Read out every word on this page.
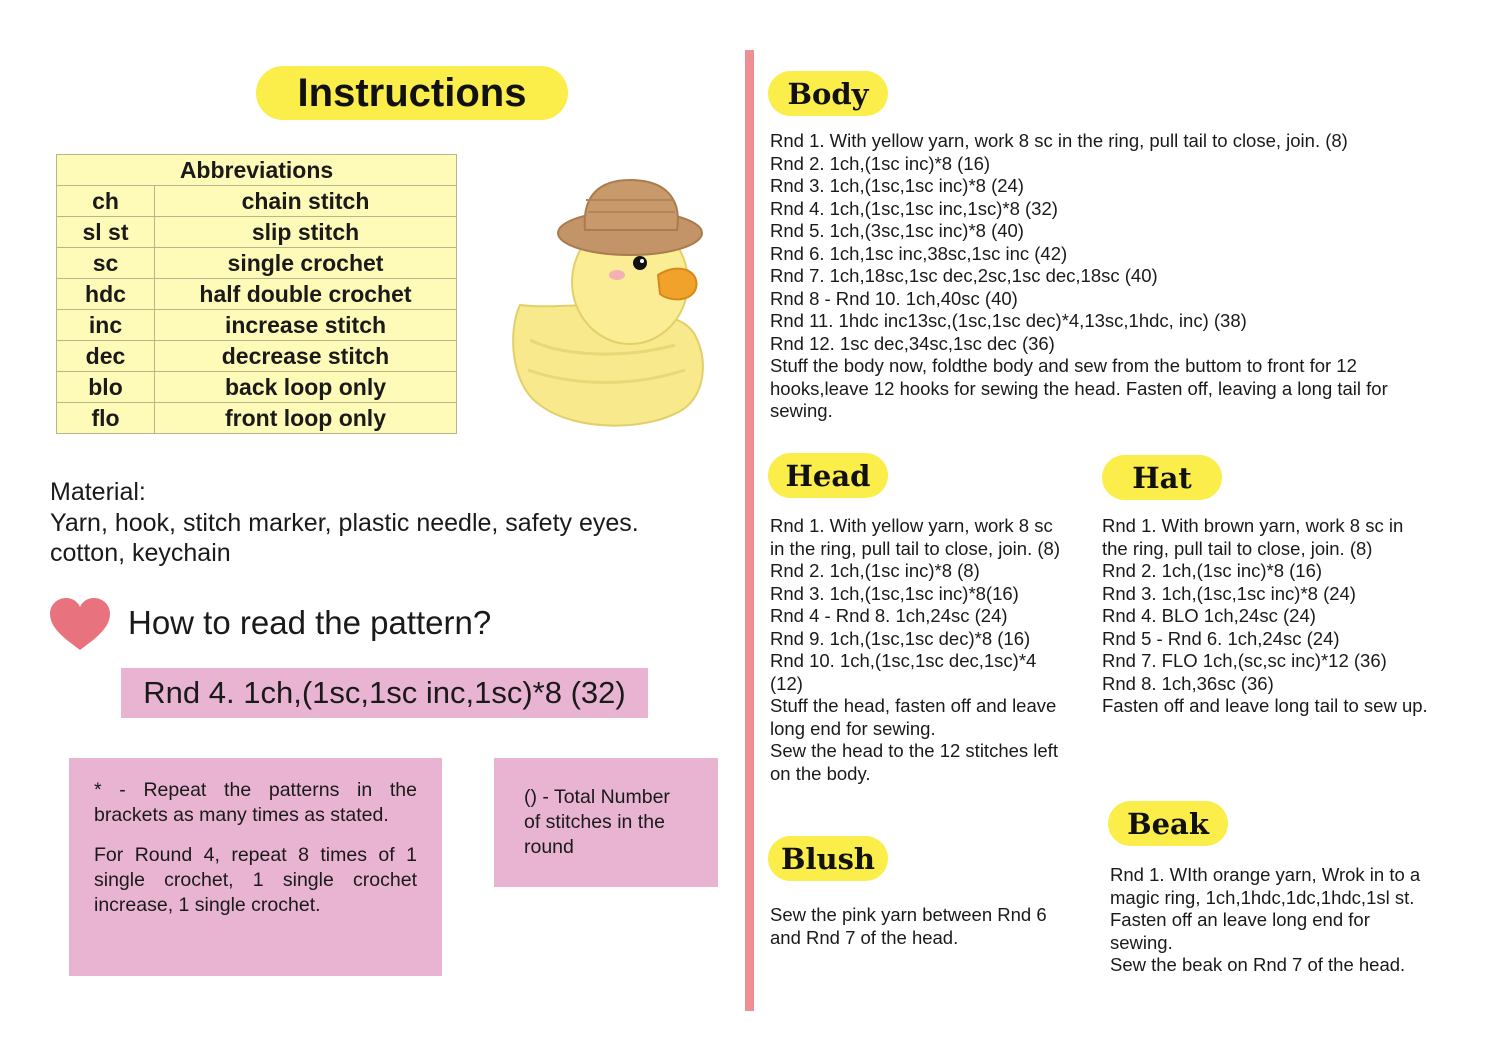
Instructions
Abbreviations	
ch	chain stitch
sl st	slip stitch
sc	single crochet
hdc	half double crochet
inc	increase stitch
dec	decrease stitch
blo	back loop only
flo	front loop only
Material:
Yarn, hook, stitch marker, plastic needle, safety eyes.
cotton, keychain
How to read the pattern?
Rnd 4. 1ch,(1sc,1sc inc,1sc)*8 (32)

* - Repeat the patterns in the brackets as many times as stated.

For Round 4, repeat 8 times of 1 single crochet, 1 single crochet increase, 1 single crochet.

() - Total Number of stitches in the round
Body
Rnd 1. With yellow yarn, work 8 sc in the ring, pull tail to close, join. (8)
Rnd 2. 1ch,(1sc inc)*8 (16)
Rnd 3. 1ch,(1sc,1sc inc)*8 (24)
Rnd 4. 1ch,(1sc,1sc inc,1sc)*8 (32)
Rnd 5. 1ch,(3sc,1sc inc)*8 (40)
Rnd 6. 1ch,1sc inc,38sc,1sc inc (42)
Rnd 7. 1ch,18sc,1sc dec,2sc,1sc dec,18sc (40)
Rnd 8 - Rnd 10. 1ch,40sc (40)
Rnd 11. 1hdc inc13sc,(1sc,1sc dec)*4,13sc,1hdc, inc) (38)
Rnd 12. 1sc dec,34sc,1sc dec (36)
Stuff the body now, foldthe body and sew from the buttom to front for 12
hooks,leave 12 hooks for sewing the head. Fasten off, leaving a long tail for
sewing.
Head
Rnd 1. With yellow yarn, work 8 sc
in the ring, pull tail to close, join. (8)
Rnd 2. 1ch,(1sc inc)*8 (8)
Rnd 3. 1ch,(1sc,1sc inc)*8(16)
Rnd 4 - Rnd 8. 1ch,24sc (24)
Rnd 9. 1ch,(1sc,1sc dec)*8 (16)
Rnd 10. 1ch,(1sc,1sc dec,1sc)*4
(12)
Stuff the head, fasten off and leave
long end for sewing.
Sew the head to the 12 stitches left
on the body.
Hat
Rnd 1. With brown yarn, work 8 sc in
the ring, pull tail to close, join. (8)
Rnd 2. 1ch,(1sc inc)*8 (16)
Rnd 3. 1ch,(1sc,1sc inc)*8 (24)
Rnd 4. BLO 1ch,24sc (24)
Rnd 5 - Rnd 6. 1ch,24sc (24)
Rnd 7. FLO 1ch,(sc,sc inc)*12 (36)
Rnd 8. 1ch,36sc (36)
Fasten off and leave long tail to sew up.
Blush
Sew the pink yarn between Rnd 6
and Rnd 7 of the head.
Beak
Rnd 1. WIth orange yarn, Wrok in to a
magic ring, 1ch,1hdc,1dc,1hdc,1sl st.
Fasten off an leave long end for
sewing.
Sew the beak on Rnd 7 of the head.
